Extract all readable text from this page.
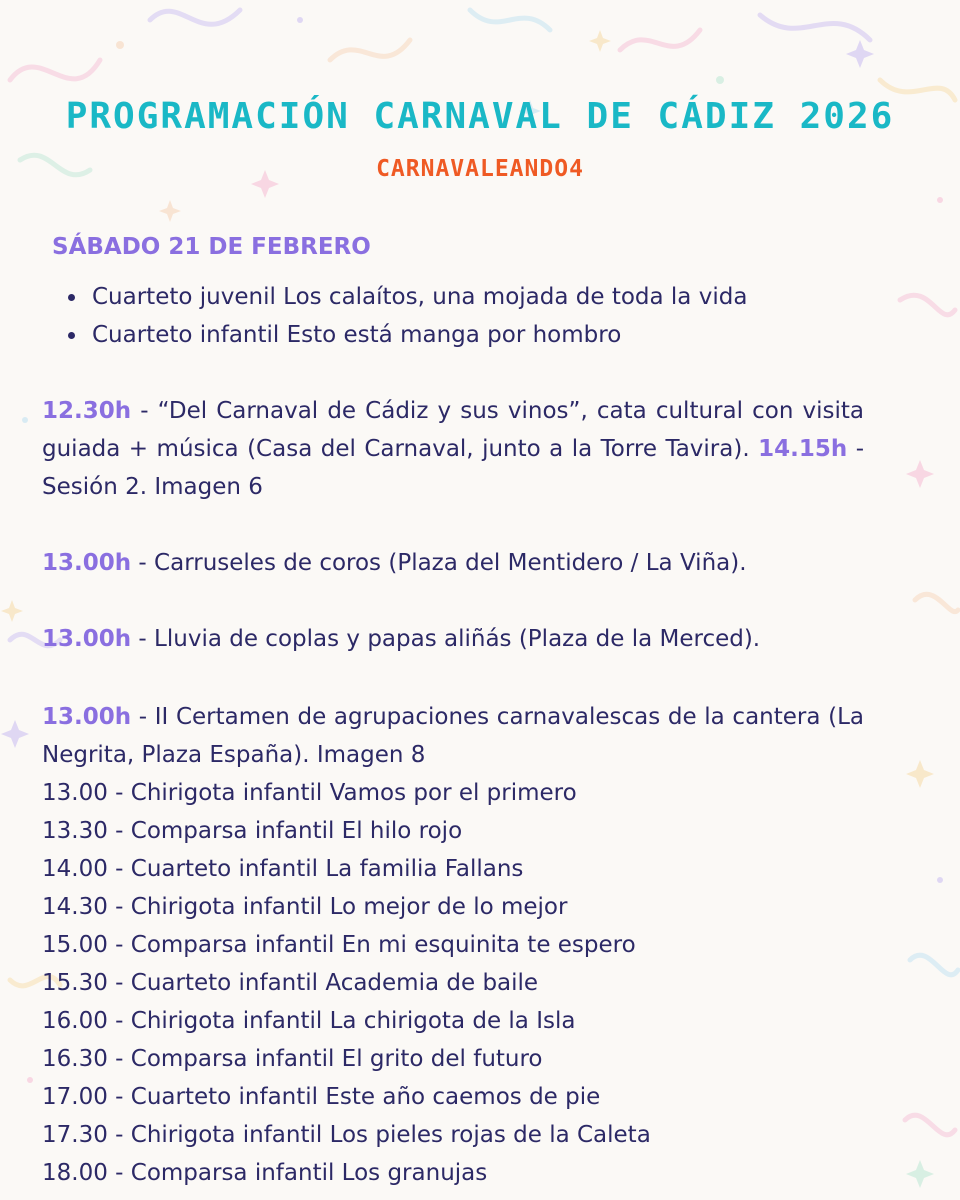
PROGRAMACIÓN CARNAVAL DE CÁDIZ 2026
CARNAVALEANDO4
SÁBADO 21 DE FEBRERO
Cuarteto juvenil Los calaítos, una mojada de toda la vida
Cuarteto infantil Esto está manga por hombro

12.30h - “Del Carnaval de Cádiz y sus vinos”, cata cultural con visita guiada + música (Casa del Carnaval, junto a la Torre Tavira). 14.15h - Sesión 2. Imagen 6

13.00h - Carruseles de coros (Plaza del Mentidero / La Viña).

13.00h - Lluvia de coplas y papas aliñás (Plaza de la Merced).

13.00h - II Certamen de agrupaciones carnavalescas de la cantera (La Negrita, Plaza España). Imagen 8

13.00 - Chirigota infantil Vamos por el primero
13.30 - Comparsa infantil El hilo rojo
14.00 - Cuarteto infantil La familia Fallans
14.30 - Chirigota infantil Lo mejor de lo mejor
15.00 - Comparsa infantil En mi esquinita te espero
15.30 - Cuarteto infantil Academia de baile
16.00 - Chirigota infantil La chirigota de la Isla
16.30 - Comparsa infantil El grito del futuro
17.00 - Cuarteto infantil Este año caemos de pie
17.30 - Chirigota infantil Los pieles rojas de la Caleta
18.00 - Comparsa infantil Los granujas
